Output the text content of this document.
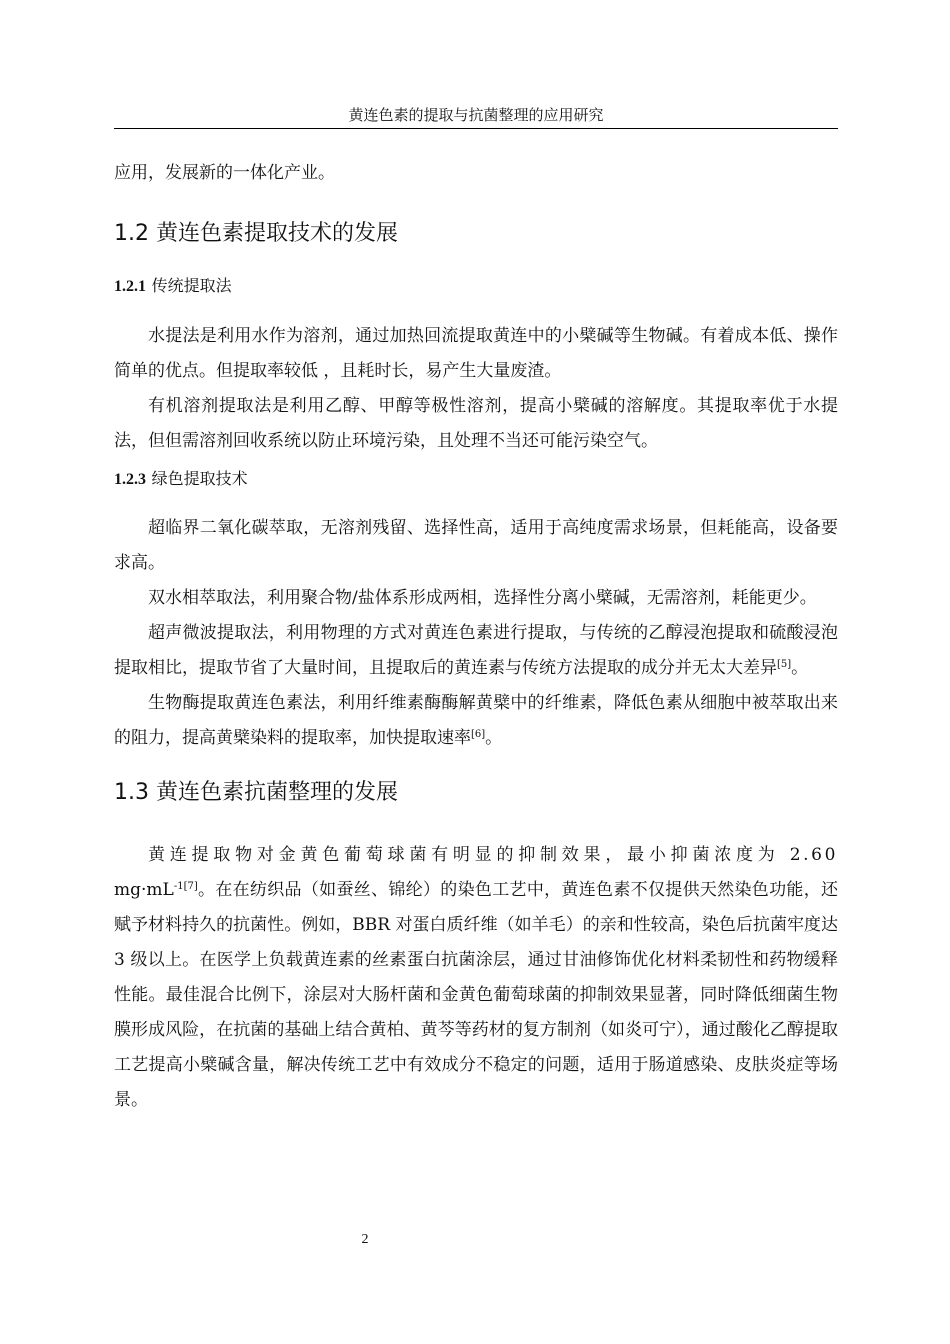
黄连色素的提取与抗菌整理的应用研究

应用，发展新的一体化产业。

1.2 黄连色素提取技术的发展
1.2.1 传统提取法

水提法是利用水作为溶剂，通过加热回流提取黄连中的小檗碱等生物碱。有着成本低、操作简单的优点。但提取率较低 ，且耗时长，易产生大量废渣。

有机溶剂提取法是利用乙醇、甲醇等极性溶剂，提高小檗碱的溶解度。其提取率优于水提法，但但需溶剂回收系统以防止环境污染，且处理不当还可能污染空气。

1.2.3 绿色提取技术

超临界二氧化碳萃取，无溶剂残留、选择性高，适用于高纯度需求场景，但耗能高，设备要求高。

双水相萃取法，利用聚合物/盐体系形成两相，选择性分离小檗碱，无需溶剂，耗能更少。

超声微波提取法，利用物理的方式对黄连色素进行提取，与传统的乙醇浸泡提取和硫酸浸泡提取相比，提取节省了大量时间，且提取后的黄连素与传统方法提取的成分并无太大差异[5]。

生物酶提取黄连色素法，利用纤维素酶酶解黄檗中的纤维素，降低色素从细胞中被萃取出来的阻力，提高黄檗染料的提取率，加快提取速率[6]。

1.3 黄连色素抗菌整理的发展

黄连提取物对金黄色葡萄球菌有明显的抑制效果，最小抑菌浓度为 2.60 $mg\cdot mL^{-1[7]}$。在在纺织品（如蚕丝、锦纶）的染色工艺中，黄连色素不仅提供天然染色功能，还赋予材料持久的抗菌性。例如，BBR 对蛋白质纤维（如羊毛）的亲和性较高，染色后抗菌牢度达 3 级以上。在医学上负载黄连素的丝素蛋白抗菌涂层，通过甘油修饰优化材料柔韧性和药物缓释性能。最佳混合比例下，涂层对大肠杆菌和金黄色葡萄球菌的抑制效果显著，同时降低细菌生物膜形成风险，在抗菌的基础上结合黄柏、黄芩等药材的复方制剂（如炎可宁），通过酸化乙醇提取工艺提高小檗碱含量，解决传统工艺中有效成分不稳定的问题，适用于肠道感染、皮肤炎症等场景。

2
